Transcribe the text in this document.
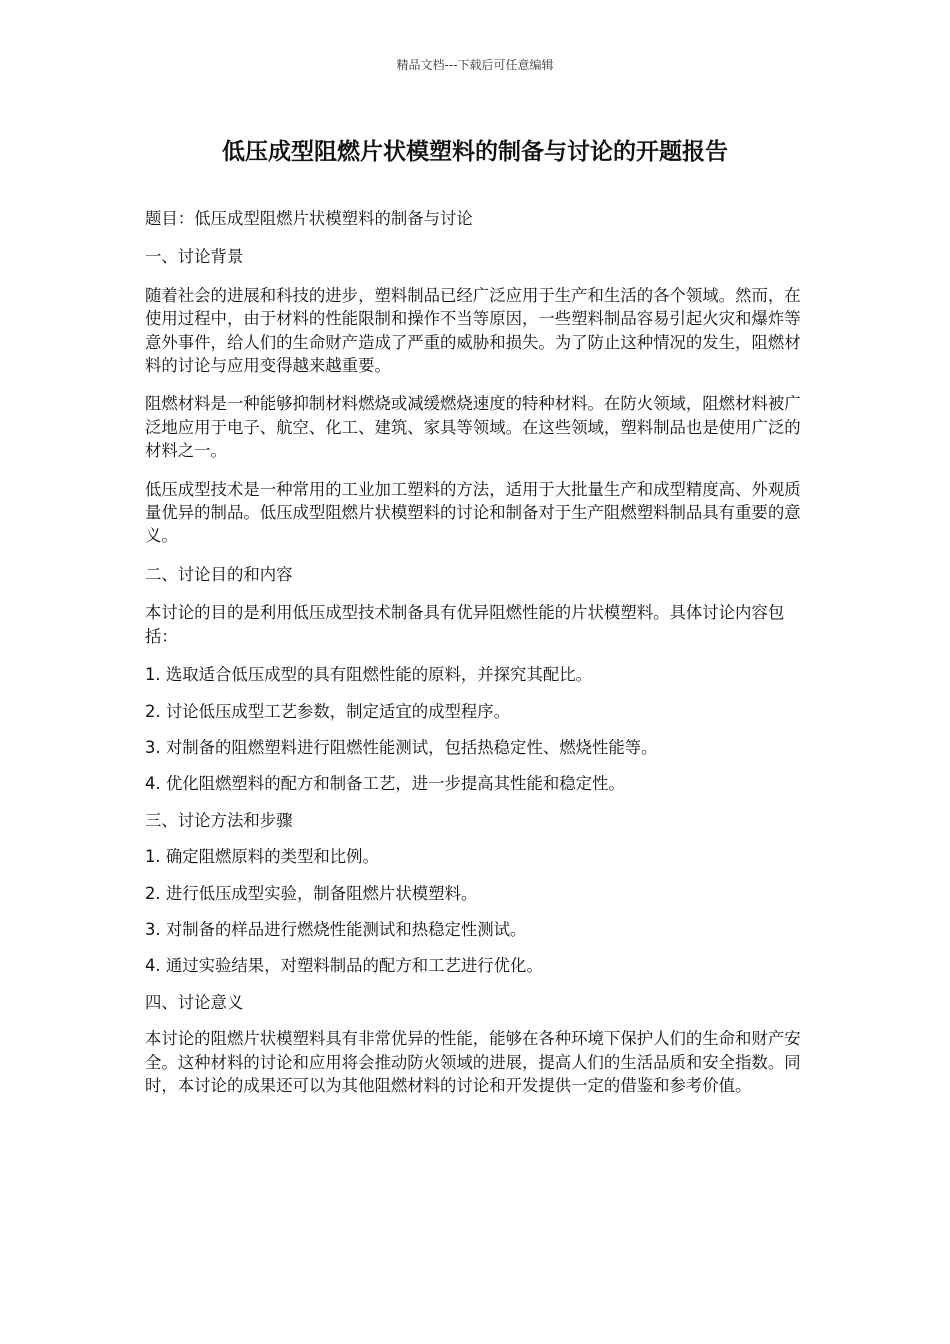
精品文档---下载后可任意编辑

低压成型阻燃片状模塑料的制备与讨论的开题报告

题目：低压成型阻燃片状模塑料的制备与讨论

一、讨论背景

随着社会的进展和科技的进步，塑料制品已经广泛应用于生产和生活的各个领域。然而，在使用过程中，由于材料的性能限制和操作不当等原因，一些塑料制品容易引起火灾和爆炸等意外事件，给人们的生命财产造成了严重的威胁和损失。为了防止这种情况的发生，阻燃材料的讨论与应用变得越来越重要。

阻燃材料是一种能够抑制材料燃烧或减缓燃烧速度的特种材料。在防火领域，阻燃材料被广泛地应用于电子、航空、化工、建筑、家具等领域。在这些领域，塑料制品也是使用广泛的材料之一。

低压成型技术是一种常用的工业加工塑料的方法，适用于大批量生产和成型精度高、外观质量优异的制品。低压成型阻燃片状模塑料的讨论和制备对于生产阻燃塑料制品具有重要的意义。

二、讨论目的和内容

本讨论的目的是利用低压成型技术制备具有优异阻燃性能的片状模塑料。具体讨论内容包括：

1. 选取适合低压成型的具有阻燃性能的原料，并探究其配比。

2. 讨论低压成型工艺参数，制定适宜的成型程序。

3. 对制备的阻燃塑料进行阻燃性能测试，包括热稳定性、燃烧性能等。

4. 优化阻燃塑料的配方和制备工艺，进一步提高其性能和稳定性。

三、讨论方法和步骤

1. 确定阻燃原料的类型和比例。

2. 进行低压成型实验，制备阻燃片状模塑料。

3. 对制备的样品进行燃烧性能测试和热稳定性测试。

4. 通过实验结果，对塑料制品的配方和工艺进行优化。

四、讨论意义

本讨论的阻燃片状模塑料具有非常优异的性能，能够在各种环境下保护人们的生命和财产安全。这种材料的讨论和应用将会推动防火领域的进展，提高人们的生活品质和安全指数。同时，本讨论的成果还可以为其他阻燃材料的讨论和开发提供一定的借鉴和参考价值。
